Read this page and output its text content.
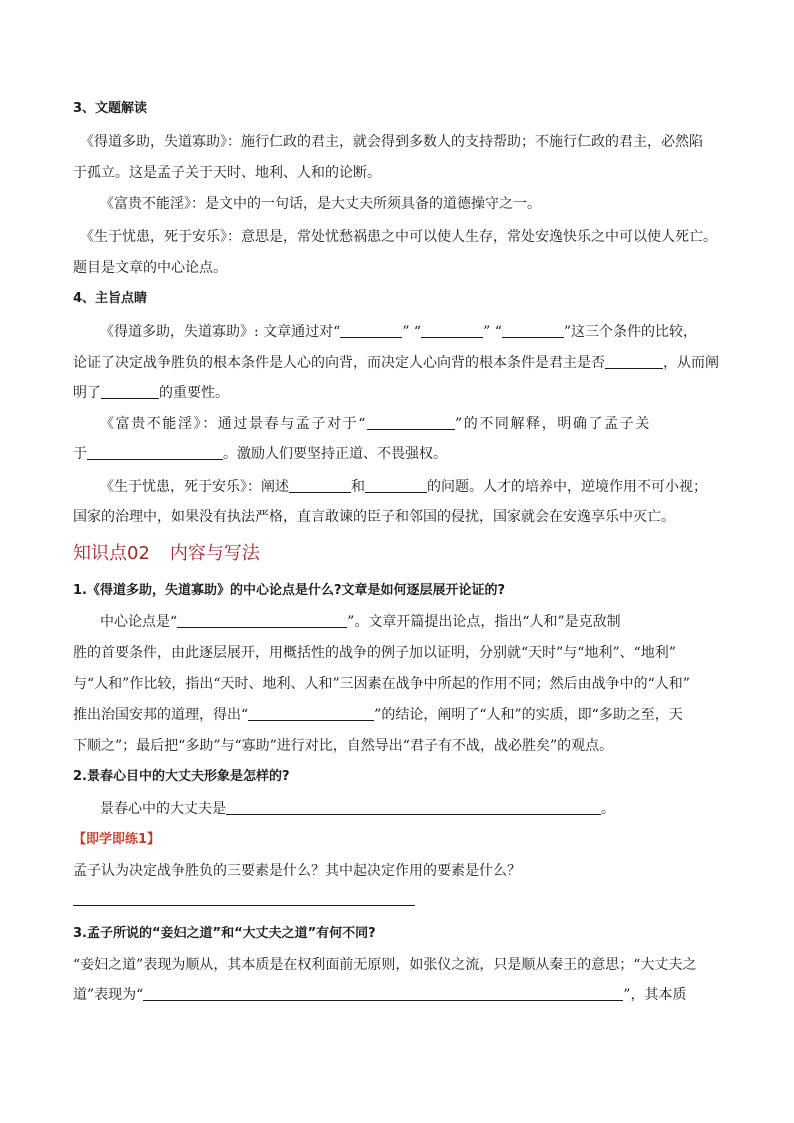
3、文题解读
《得道多助，失道寡助》：施行仁政的君主，就会得到多数人的支持帮助；不施行仁政的君主，必然陷
于孤立。这是孟子关于天时、地利、人和的论断。
《富贵不能淫》：是文中的一句话，是大丈夫所须具备的道德操守之一。
《生于忧患，死于安乐》：意思是，常处忧愁祸患之中可以使人生存，常处安逸快乐之中可以使人死亡。
题目是文章的中心论点。
4、主旨点睛
《得道多助，失道寡助》: 文章通过对“	” “	” “	”这三个条件的比较，
论证了决定战争胜负的根本条件是人心的向背，而决定人心向背的根本条件是君主是否	，从而阐
明了	的重要性。
《富贵不能淫》：通过景春与孟子对于“	”的不同解释，明确了孟子关
于	。激励人们要坚持正道、不畏强权。
《生于忧患，死于安乐》：阐述	和	的问题。人才的培养中，逆境作用不可小视；
国家的治理中，如果没有执法严格，直言敢谏的臣子和邻国的侵扰，国家就会在安逸享乐中灭亡。
知识点02 内容与写法
1.《得道多助，失道寡助》的中心论点是什么?文章是如何逐层展开论证的?
中心论点是“	”。文章开篇提出论点，指出“人和”是克敌制
胜的首要条件，由此逐层展开，用概括性的战争的例子加以证明，分别就“天时”与“地利”、“地利”
与“人和”作比较，指出“天时、地利、人和”三因素在战争中所起的作用不同；然后由战争中的“人和”
推出治国安邦的道理，得出“	”的结论，阐明了“人和”的实质，即“多助之至，天
下顺之”；最后把“多助”与“寡助”进行对比，自然导出“君子有不战，战必胜矣”的观点。
2.景春心目中的大丈夫形象是怎样的?
景春心中的大丈夫是	。
【即学即练1】
孟子认为决定战争胜负的三要素是什么？其中起决定作用的要素是什么？
3.孟子所说的“妾妇之道”和“大丈夫之道”有何不同?
“妾妇之道”表现为顺从，其本质是在权利面前无原则，如张仪之流，只是顺从秦王的意思；“大丈夫之
道”表现为“	”，其本质
